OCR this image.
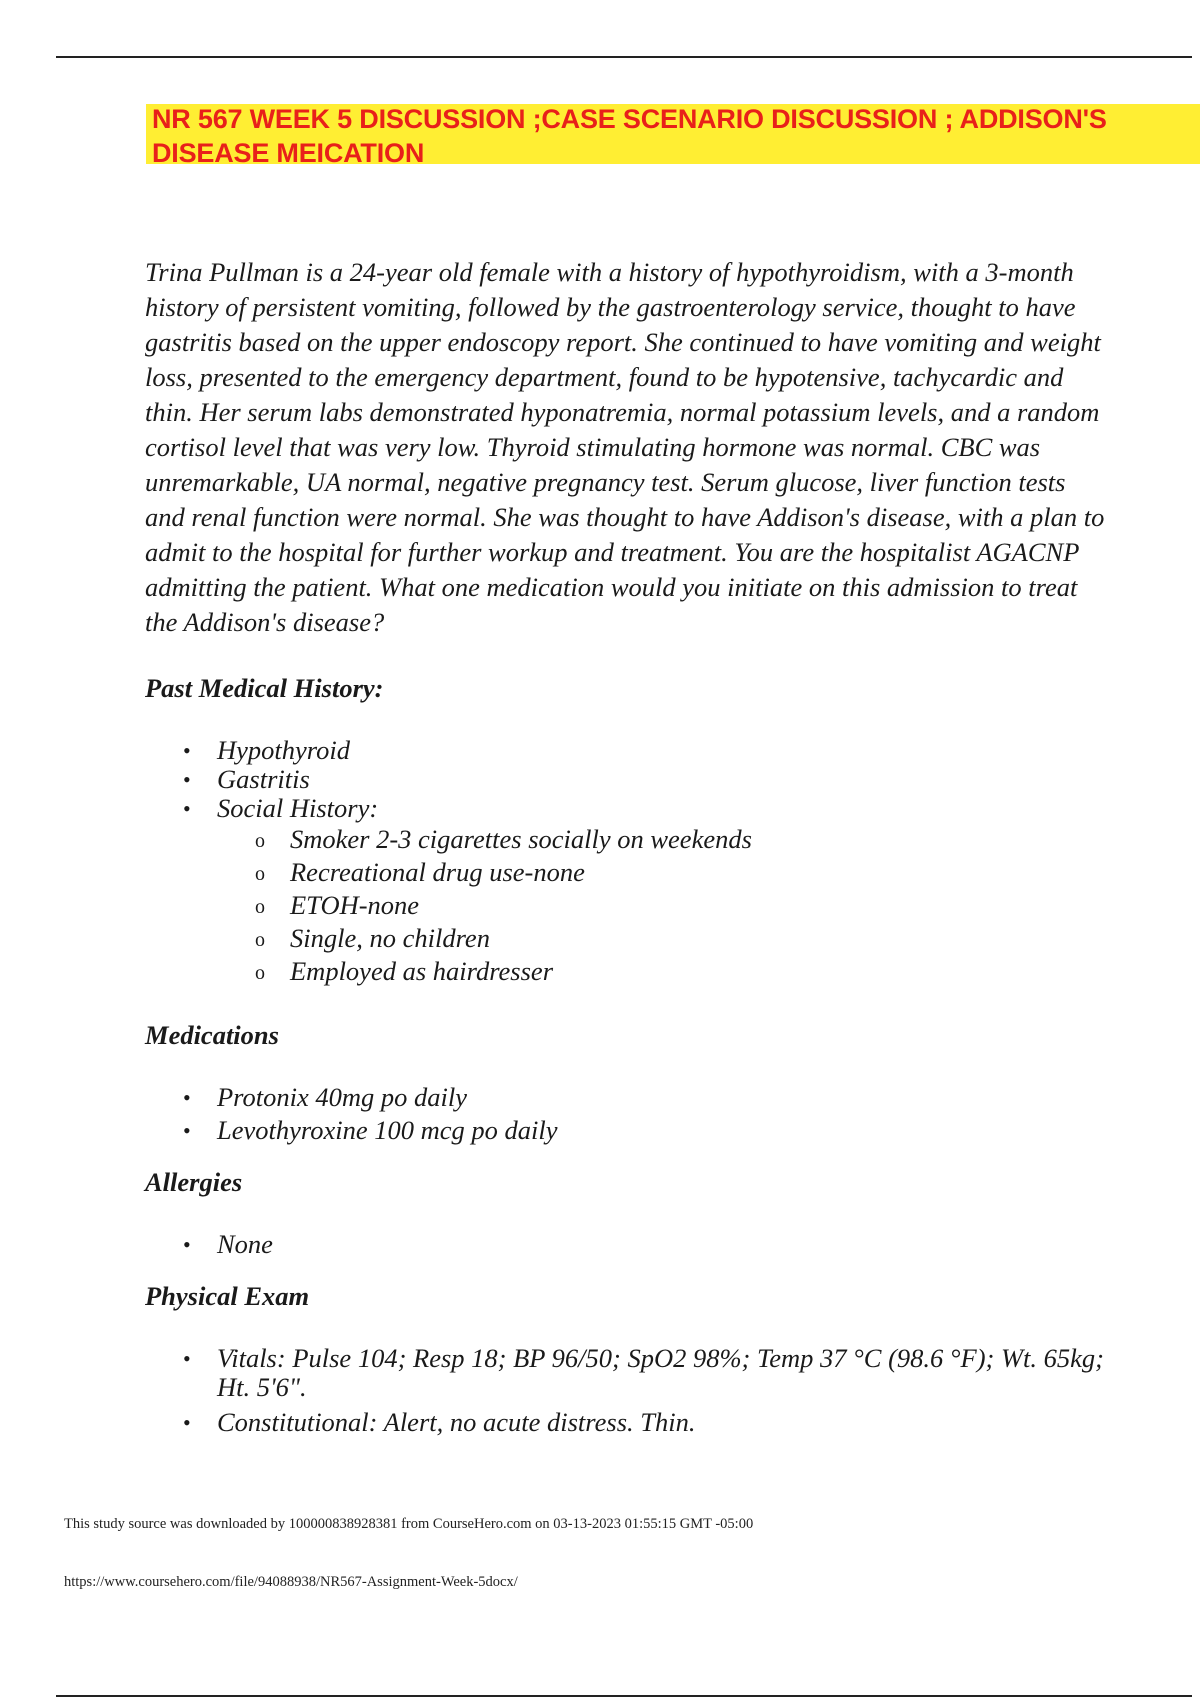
NR 567 WEEK 5 DISCUSSION ;CASE SCENARIO DISCUSSION ; ADDISON'S DISEASE MEICATION

Trina Pullman is a 24-year old female with a history of hypothyroidism, with a 3-month history of persistent vomiting, followed by the gastroenterology service, thought to have gastritis based on the upper endoscopy report. She continued to have vomiting and weight loss, presented to the emergency department, found to be hypotensive, tachycardic and thin. Her serum labs demonstrated hyponatremia, normal potassium levels, and a random cortisol level that was very low. Thyroid stimulating hormone was normal. CBC was unremarkable, UA normal, negative pregnancy test. Serum glucose, liver function tests and renal function were normal. She was thought to have Addison's disease, with a plan to admit to the hospital for further workup and treatment. You are the hospitalist AGACNP admitting the patient. What one medication would you initiate on this admission to treat the Addison's disease?

Past Medical History:
• Hypothyroid
• Gastritis
• Social History:
o Smoker 2-3 cigarettes socially on weekends
o Recreational drug use-none
o ETOH-none
o Single, no children
o Employed as hairdresser
Medications
• Protonix 40mg po daily
• Levothyroxine 100 mcg po daily
Allergies
• None
Physical Exam
• Vitals: Pulse 104; Resp 18; BP 96/50; SpO2 98%; Temp 37 °C (98.6 °F); Wt. 65kg; Ht. 5'6".
• Constitutional: Alert, no acute distress. Thin.
This study source was downloaded by 100000838928381 from CourseHero.com on 03-13-2023 01:55:15 GMT -05:00
https://www.coursehero.com/file/94088938/NR567-Assignment-Week-5docx/
